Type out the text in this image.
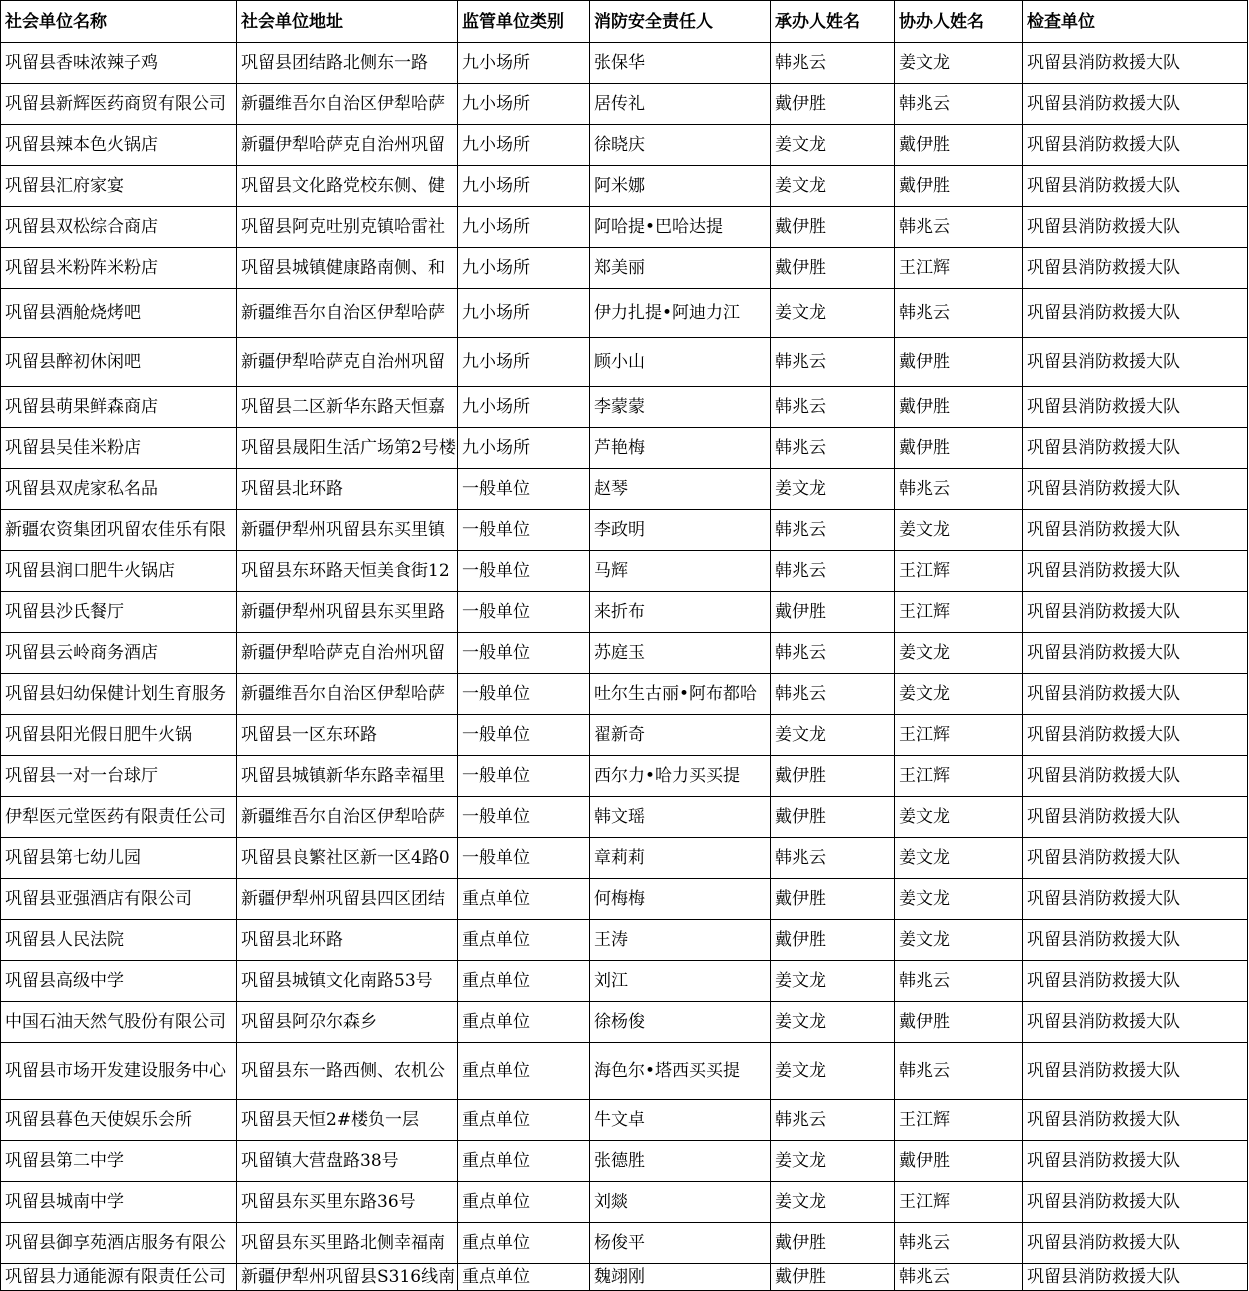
社会单位名称	社会单位地址	监管单位类别	消防安全责任人	承办人姓名	协办人姓名	检查单位
巩留县香味浓辣子鸡	巩留县团结路北侧东一路	九小场所	张保华	韩兆云	姜文龙	巩留县消防救援大队
巩留县新辉医药商贸有限公司	新疆维吾尔自治区伊犁哈萨	九小场所	居传礼	戴伊胜	韩兆云	巩留县消防救援大队
巩留县辣本色火锅店	新疆伊犁哈萨克自治州巩留	九小场所	徐晓庆	姜文龙	戴伊胜	巩留县消防救援大队
巩留县汇府家宴	巩留县文化路党校东侧、健	九小场所	阿米娜	姜文龙	戴伊胜	巩留县消防救援大队
巩留县双松综合商店	巩留县阿克吐别克镇哈雷社	九小场所	阿哈提•巴哈达提	戴伊胜	韩兆云	巩留县消防救援大队
巩留县米粉阵米粉店	巩留县城镇健康路南侧、和	九小场所	郑美丽	戴伊胜	王江辉	巩留县消防救援大队
巩留县酒舱烧烤吧	新疆维吾尔自治区伊犁哈萨	九小场所	伊力扎提•阿迪力江	姜文龙	韩兆云	巩留县消防救援大队
巩留县醉初休闲吧	新疆伊犁哈萨克自治州巩留	九小场所	顾小山	韩兆云	戴伊胜	巩留县消防救援大队
巩留县萌果鲜森商店	巩留县二区新华东路天恒嘉	九小场所	李蒙蒙	韩兆云	戴伊胜	巩留县消防救援大队
巩留县吴佳米粉店	巩留县晟阳生活广场第2号楼	九小场所	芦艳梅	韩兆云	戴伊胜	巩留县消防救援大队
巩留县双虎家私名品	巩留县北环路	一般单位	赵琴	姜文龙	韩兆云	巩留县消防救援大队
新疆农资集团巩留农佳乐有限	新疆伊犁州巩留县东买里镇	一般单位	李政明	韩兆云	姜文龙	巩留县消防救援大队
巩留县润口肥牛火锅店	巩留县东环路天恒美食街12	一般单位	马辉	韩兆云	王江辉	巩留县消防救援大队
巩留县沙氏餐厅	新疆伊犁州巩留县东买里路	一般单位	来折布	戴伊胜	王江辉	巩留县消防救援大队
巩留县云岭商务酒店	新疆伊犁哈萨克自治州巩留	一般单位	苏庭玉	韩兆云	姜文龙	巩留县消防救援大队
巩留县妇幼保健计划生育服务	新疆维吾尔自治区伊犁哈萨	一般单位	吐尔生古丽•阿布都哈	韩兆云	姜文龙	巩留县消防救援大队
巩留县阳光假日肥牛火锅	巩留县一区东环路	一般单位	翟新奇	姜文龙	王江辉	巩留县消防救援大队
巩留县一对一台球厅	巩留县城镇新华东路幸福里	一般单位	西尔力•哈力买买提	戴伊胜	王江辉	巩留县消防救援大队
伊犁医元堂医药有限责任公司	新疆维吾尔自治区伊犁哈萨	一般单位	韩文瑶	戴伊胜	姜文龙	巩留县消防救援大队
巩留县第七幼儿园	巩留县良繁社区新一区4路0	一般单位	章莉莉	韩兆云	姜文龙	巩留县消防救援大队
巩留县亚强酒店有限公司	新疆伊犁州巩留县四区团结	重点单位	何梅梅	戴伊胜	姜文龙	巩留县消防救援大队
巩留县人民法院	巩留县北环路	重点单位	王涛	戴伊胜	姜文龙	巩留县消防救援大队
巩留县高级中学	巩留县城镇文化南路53号	重点单位	刘江	姜文龙	韩兆云	巩留县消防救援大队
中国石油天然气股份有限公司	巩留县阿尕尔森乡	重点单位	徐杨俊	姜文龙	戴伊胜	巩留县消防救援大队
巩留县市场开发建设服务中心	巩留县东一路西侧、农机公	重点单位	海色尔•塔西买买提	姜文龙	韩兆云	巩留县消防救援大队
巩留县暮色天使娱乐会所	巩留县天恒2#楼负一层	重点单位	牛文卓	韩兆云	王江辉	巩留县消防救援大队
巩留县第二中学	巩留镇大营盘路38号	重点单位	张德胜	姜文龙	戴伊胜	巩留县消防救援大队
巩留县城南中学	巩留县东买里东路36号	重点单位	刘燚	姜文龙	王江辉	巩留县消防救援大队
巩留县御享苑酒店服务有限公	巩留县东买里路北侧幸福南	重点单位	杨俊平	戴伊胜	韩兆云	巩留县消防救援大队
巩留县力通能源有限责任公司	新疆伊犁州巩留县S316线南	重点单位	魏翊刚	戴伊胜	韩兆云	巩留县消防救援大队
